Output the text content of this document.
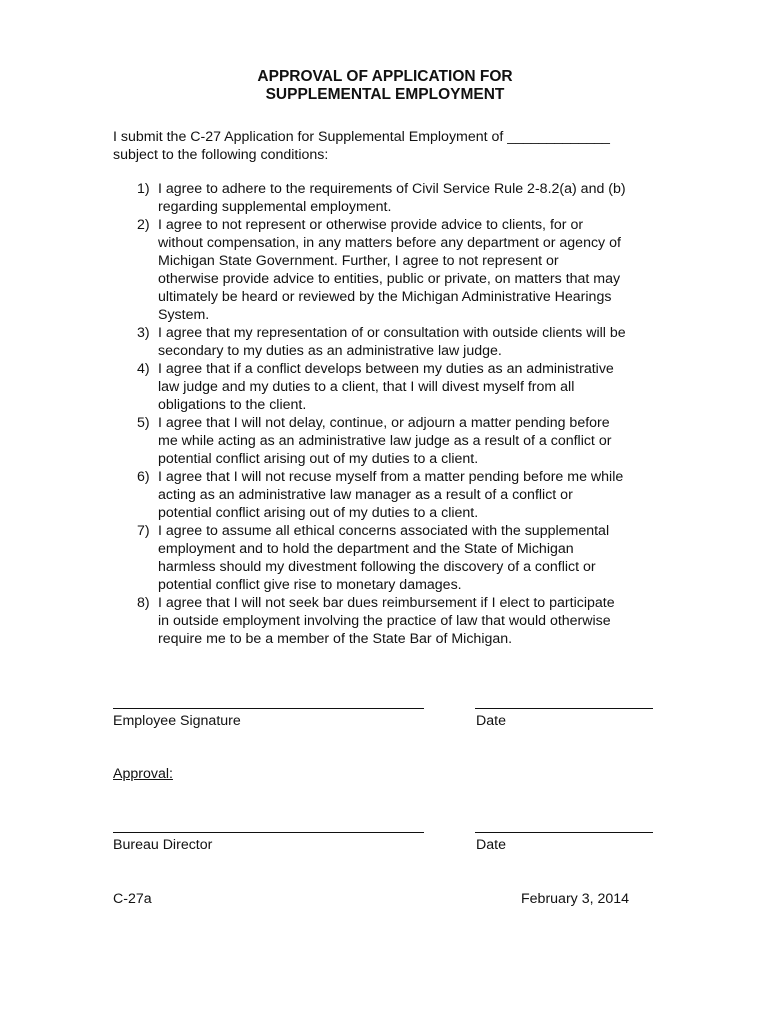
APPROVAL OF APPLICATION FOR
SUPPLEMENTAL EMPLOYMENT
I submit the C-27 Application for Supplemental Employment of _____________
subject to the following conditions:
1) I agree to adhere to the requirements of Civil Service Rule 2-8.2(a) and (b)
regarding supplemental employment.
2) I agree to not represent or otherwise provide advice to clients, for or
without compensation, in any matters before any department or agency of
Michigan State Government. Further, I agree to not represent or
otherwise provide advice to entities, public or private, on matters that may
ultimately be heard or reviewed by the Michigan Administrative Hearings
System.
3) I agree that my representation of or consultation with outside clients will be
secondary to my duties as an administrative law judge.
4) I agree that if a conflict develops between my duties as an administrative
law judge and my duties to a client, that I will divest myself from all
obligations to the client.
5) I agree that I will not delay, continue, or adjourn a matter pending before
me while acting as an administrative law judge as a result of a conflict or
potential conflict arising out of my duties to a client.
6) I agree that I will not recuse myself from a matter pending before me while
acting as an administrative law manager as a result of a conflict or
potential conflict arising out of my duties to a client.
7) I agree to assume all ethical concerns associated with the supplemental
employment and to hold the department and the State of Michigan
harmless should my divestment following the discovery of a conflict or
potential conflict give rise to monetary damages.
8) I agree that I will not seek bar dues reimbursement if I elect to participate
in outside employment involving the practice of law that would otherwise
require me to be a member of the State Bar of Michigan.
Employee Signature	Date
Approval:
Bureau Director	Date
C-27a	February 3, 2014
